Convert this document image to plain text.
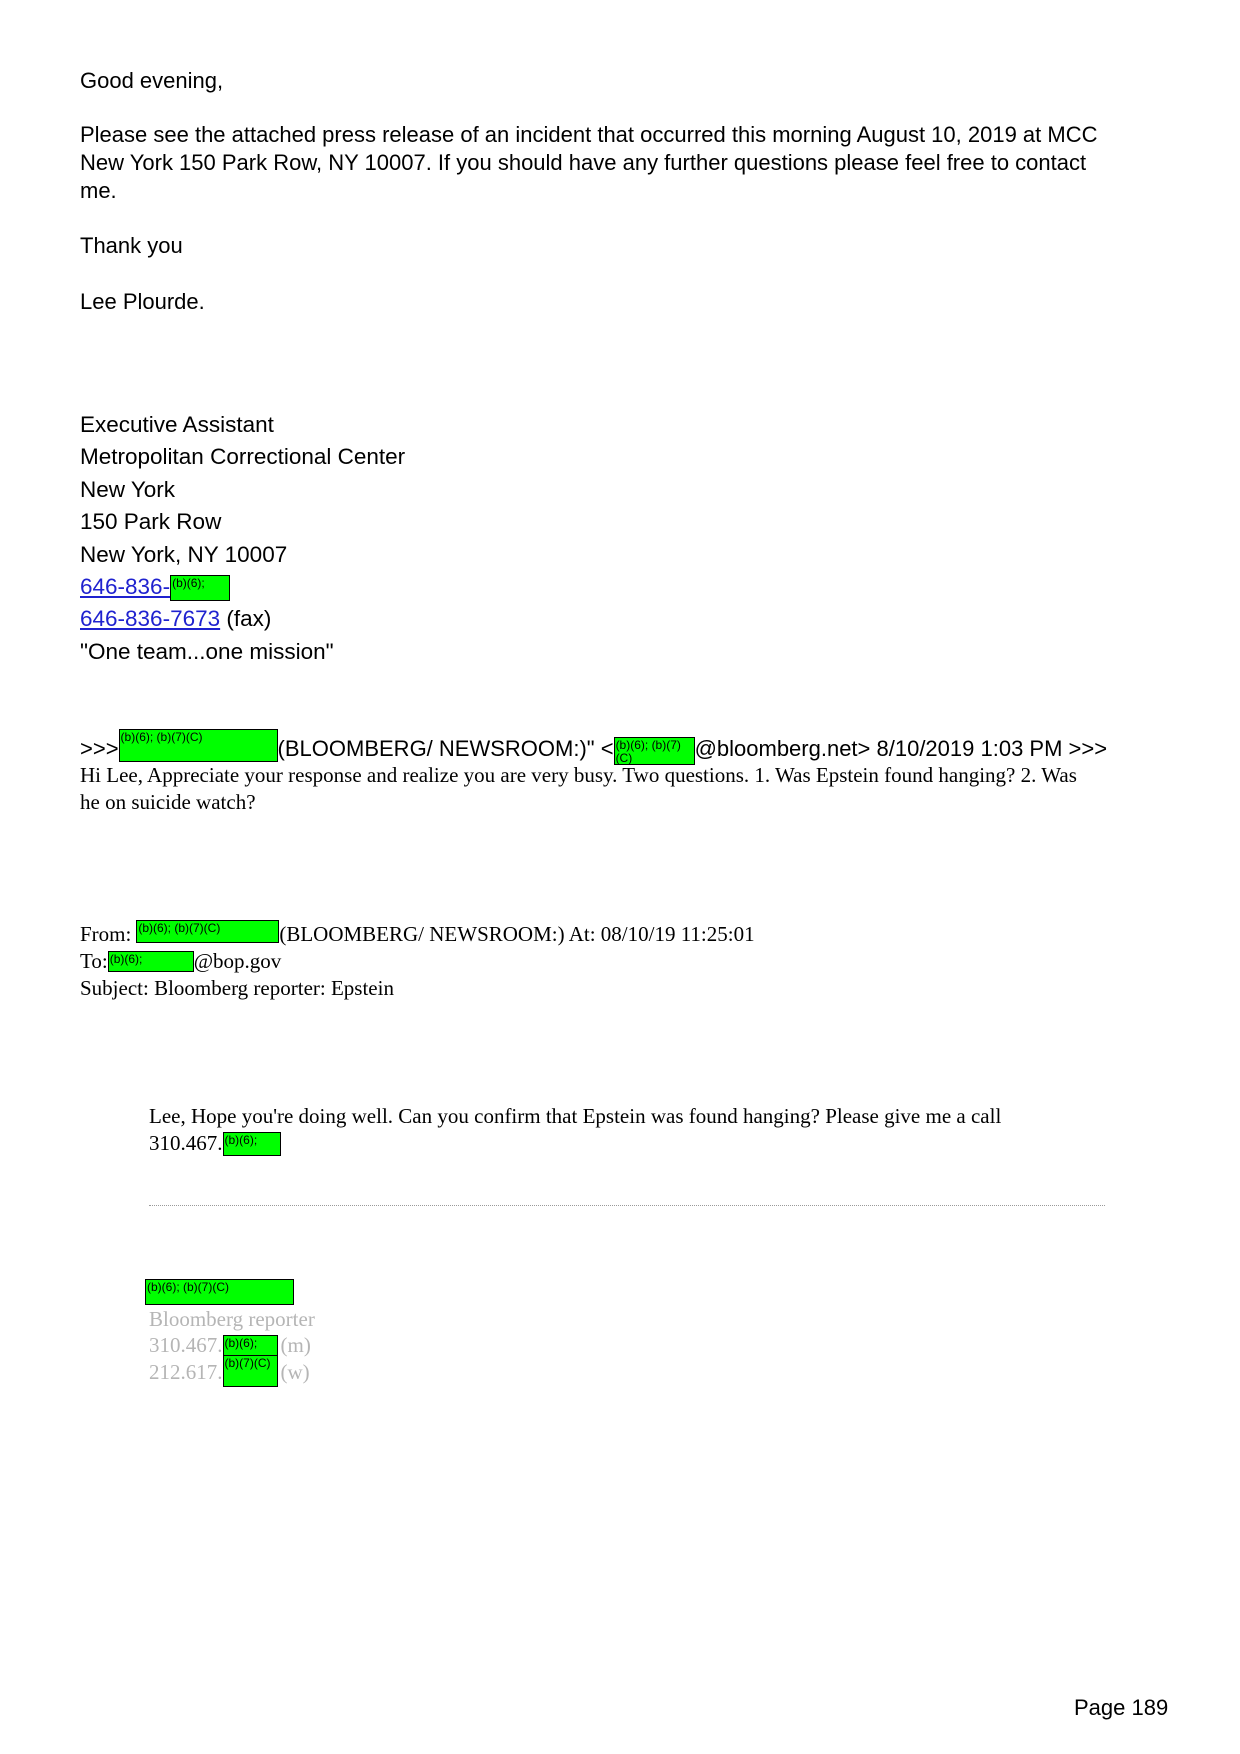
Good evening,
Please see the attached press release of an incident that occurred this morning August 10, 2019 at MCC
New York 150 Park Row, NY 10007. If you should have any further questions please feel free to contact
me.
Thank you
Lee Plourde.
Executive Assistant
Metropolitan Correctional Center
New York
150 Park Row
New York, NY 10007
646-836- (b)(6);
646-836-7673 (fax)
"One team...one mission"
>>> (b)(6); (b)(7)(C)	(BLOOMBERG/ NEWSROOM:)" < (b)(6); (b)(7)(C)	@bloomberg.net> 8/10/2019 1:03 PM >>>
Hi Lee, Appreciate your response and realize you are very busy. Two questions. 1. Was Epstein found hanging? 2. Was
he on suicide watch?
From: (b)(6); (b)(7)(C)	(BLOOMBERG/ NEWSROOM:) At: 08/10/19 11:25:01
To: (b)(6);	@bop.gov
Subject: Bloomberg reporter: Epstein
Lee, Hope you're doing well. Can you confirm that Epstein was found hanging? Please give me a call
310.467. (b)(6);
(b)(6); (b)(7)(C)
Bloomberg reporter
310.467. (b)(6);	(m)
212.617. (b)(7)(C) (w)
Page 189
